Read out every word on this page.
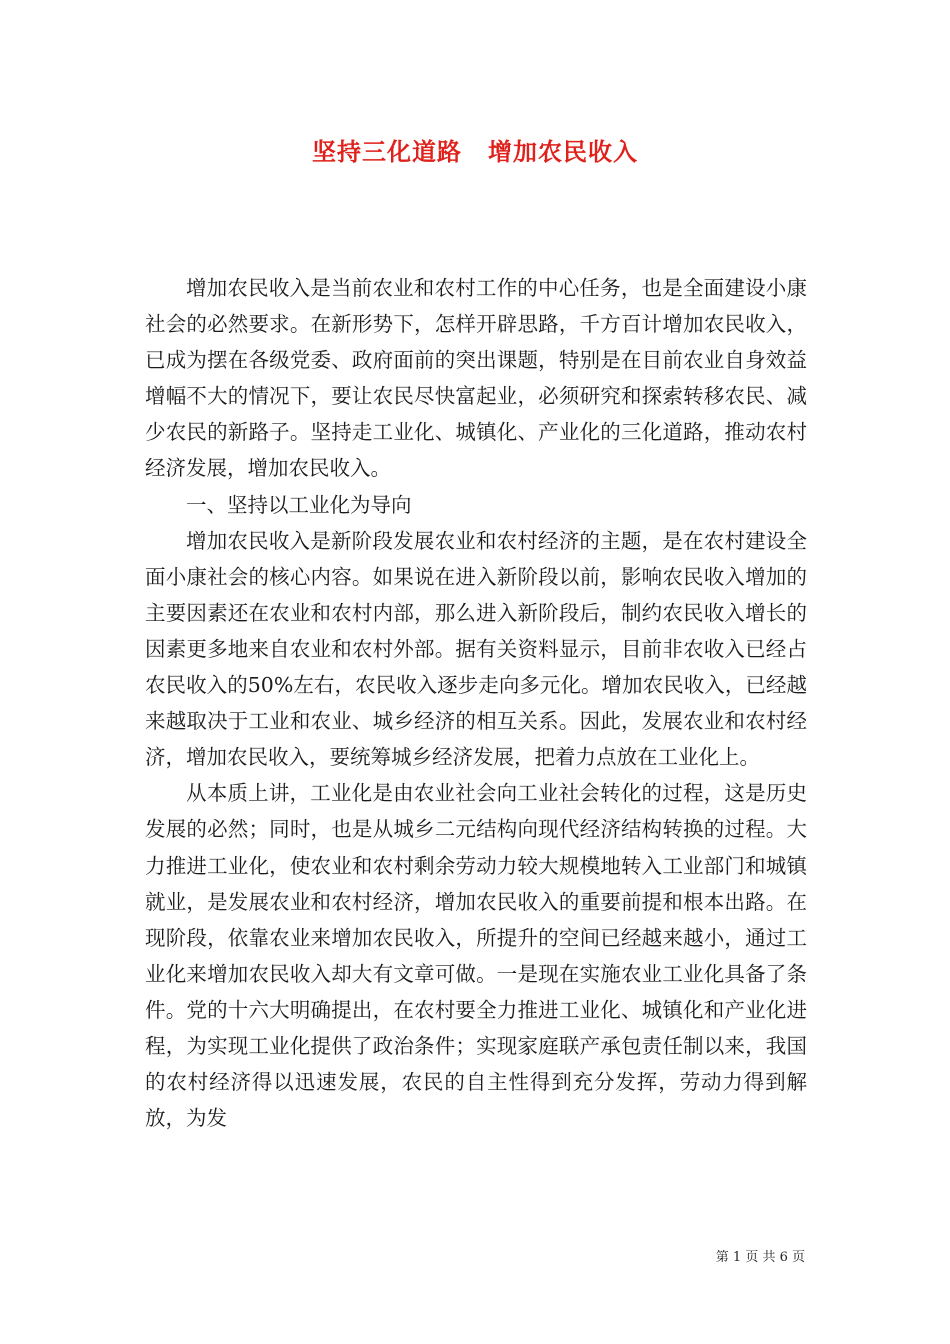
坚持三化道路 增加农民收入

增加农民收入是当前农业和农村工作的中心任务，也是全面建设小康社会的必然要求。在新形势下，怎样开辟思路，千方百计增加农民收入，已成为摆在各级党委、政府面前的突出课题，特别是在目前农业自身效益增幅不大的情况下，要让农民尽快富起业，必须研究和探索转移农民、减少农民的新路子。坚持走工业化、城镇化、产业化的三化道路，推动农村经济发展，增加农民收入。

一、坚持以工业化为导向

增加农民收入是新阶段发展农业和农村经济的主题，是在农村建设全面小康社会的核心内容。如果说在进入新阶段以前，影响农民收入增加的主要因素还在农业和农村内部，那么进入新阶段后，制约农民收入增长的因素更多地来自农业和农村外部。据有关资料显示，目前非农收入已经占农民收入的50%左右，农民收入逐步走向多元化。增加农民收入，已经越来越取决于工业和农业、城乡经济的相互关系。因此，发展农业和农村经济，增加农民收入，要统筹城乡经济发展，把着力点放在工业化上。

从本质上讲，工业化是由农业社会向工业社会转化的过程，这是历史发展的必然；同时，也是从城乡二元结构向现代经济结构转换的过程。大力推进工业化，使农业和农村剩余劳动力较大规模地转入工业部门和城镇就业，是发展农业和农村经济，增加农民收入的重要前提和根本出路。在现阶段，依靠农业来增加农民收入，所提升的空间已经越来越小，通过工业化来增加农民收入却大有文章可做。一是现在实施农业工业化具备了条件。党的十六大明确提出，在农村要全力推进工业化、城镇化和产业化进程，为实现工业化提供了政治条件；实现家庭联产承包责任制以来，我国的农村经济得以迅速发展，农民的自主性得到充分发挥，劳动力得到解放，为发

第 1 页 共 6 页
